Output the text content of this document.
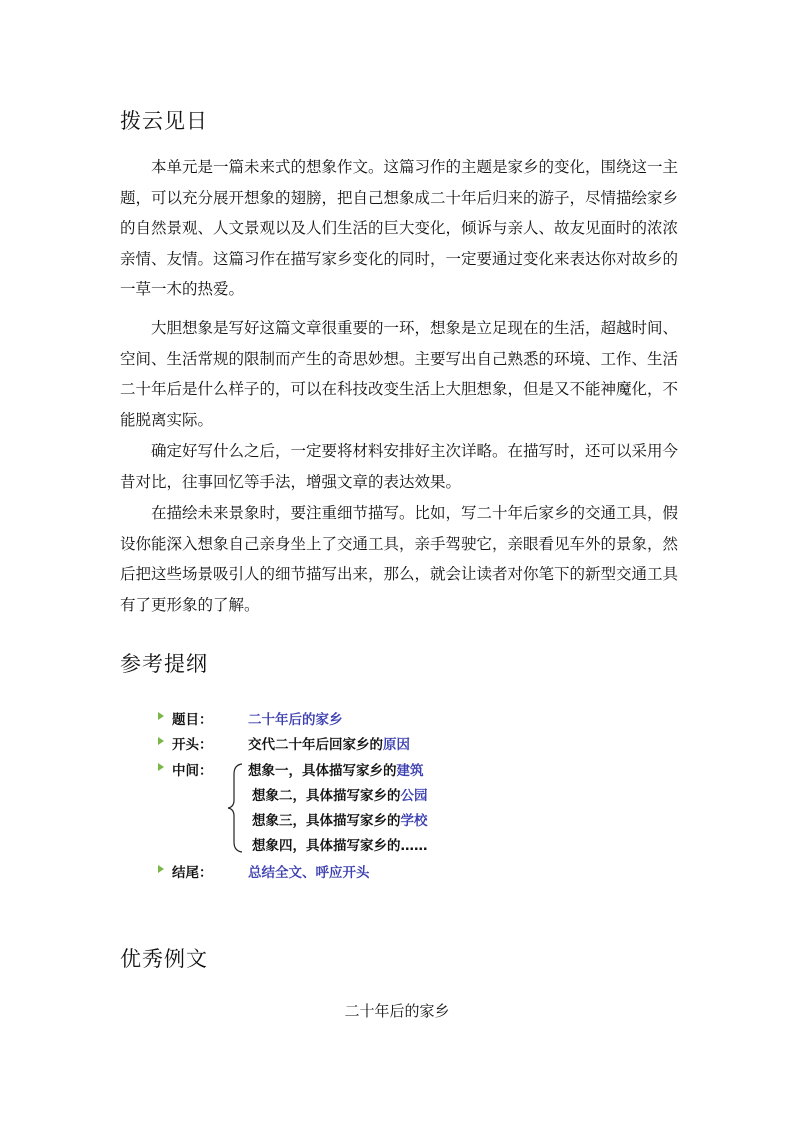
拨云见日

本单元是一篇未来式的想象作文。这篇习作的主题是家乡的变化，围绕这一主题，可以充分展开想象的翅膀，把自己想象成二十年后归来的游子，尽情描绘家乡的自然景观、人文景观以及人们生活的巨大变化，倾诉与亲人、故友见面时的浓浓亲情、友情。这篇习作在描写家乡变化的同时，一定要通过变化来表达你对故乡的一草一木的热爱。

大胆想象是写好这篇文章很重要的一环，想象是立足现在的生活，超越时间、空间、生活常规的限制而产生的奇思妙想。主要写出自己熟悉的环境、工作、生活二十年后是什么样子的，可以在科技改变生活上大胆想象，但是又不能神魔化，不能脱离实际。

确定好写什么之后，一定要将材料安排好主次详略。在描写时，还可以采用今昔对比，往事回忆等手法，增强文章的表达效果。

在描绘未来景象时，要注重细节描写。比如，写二十年后家乡的交通工具，假设你能深入想象自己亲身坐上了交通工具，亲手驾驶它，亲眼看见车外的景象，然后把这些场景吸引人的细节描写出来，那么，就会让读者对你笔下的新型交通工具有了更形象的了解。

参考提纲
题目：	二十年后的家乡
开头：	交代二十年后回家乡的原因
中间：	想象一，具体描写家乡的建筑
想象二，具体描写家乡的公园
想象三，具体描写家乡的学校
想象四，具体描写家乡的……
结尾：	总结全文、呼应开头
优秀例文

二十年后的家乡
